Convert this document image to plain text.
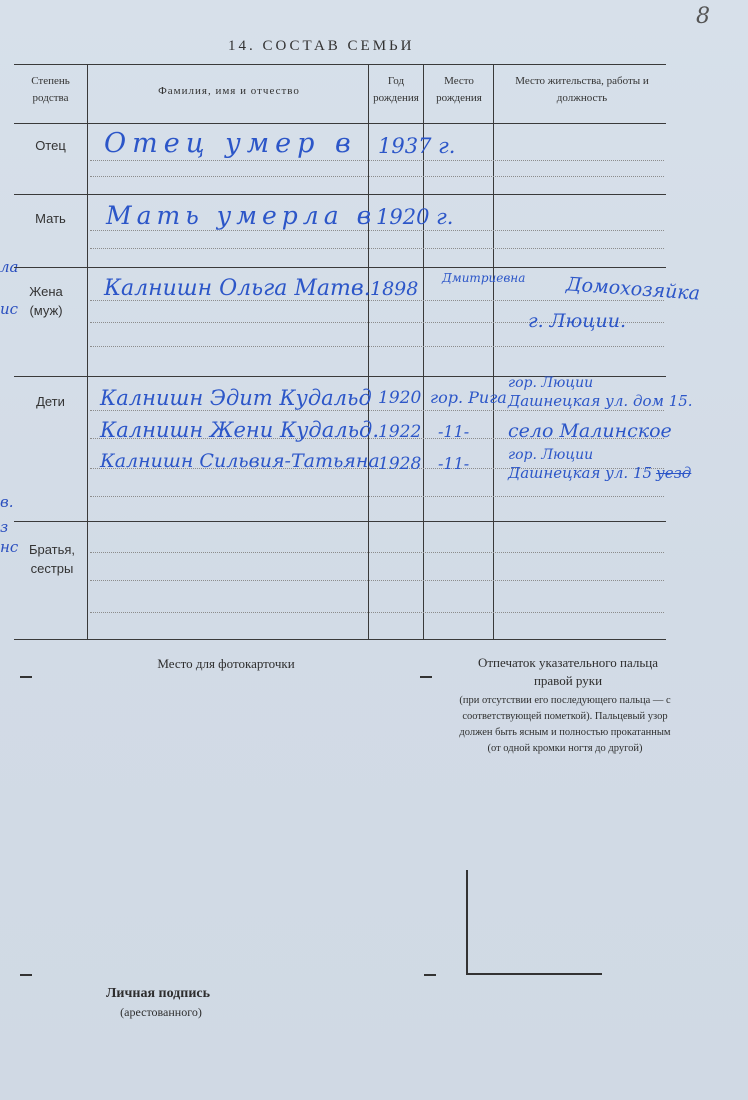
8
14. СОСТАВ СЕМЬИ
ла
ис
в.
нс
з
Степень родства
Фамилия, имя и отчество
Год рождения
Место рождения
Место жительства, работы и должность
Отец
Мать
Жена (муж)
Дети
Братья, сестры
Отец умер в 1937 г.
Мать умерла в 1920 г.
Калнишн Ольга Матв. 1898 Дмитриевна Домохозяйка
г. Люции.
Калнишн Эдит Кудальд 1920 гор. Рига
гор. Люции
Дашнецкая ул. дом 15.
Калнишн Жени Кудальд.
1922 -11- село Малинское
Калнишн Сильвия-Татьяна
1928 -11-	гор. Люции
Дашнецкая ул. 15 уезд
Место для фотокарточки	Отпечаток указательного пальца правой руки
(при отсутствии его последующего пальца — с соответствующей пометкой). Пальцевый узор должен быть ясным и полностью прокатанным (от одной кромки ногтя до другой)
Личная подпись
(арестованного)
